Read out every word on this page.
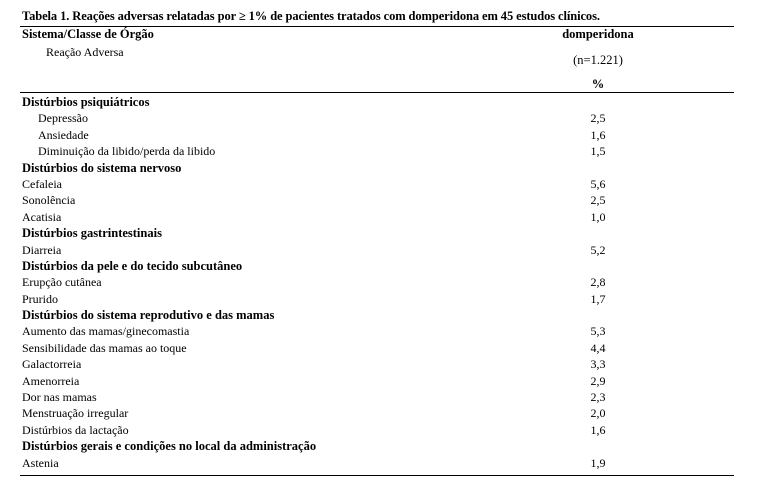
Tabela 1. Reações adversas relatadas por ≥ 1% de pacientes tratados com domperidona em 45 estudos clínicos.
Sistema/Classe de Órgão
Reação Adversa
domperidona
(n=1.221)
%
Distúrbios psiquiátricos
Depressão	2,5
Ansiedade	1,6
Diminuição da libido/perda da libido	1,5
Distúrbios do sistema nervoso
Cefaleia	5,6
Sonolência	2,5
Acatisia	1,0
Distúrbios gastrintestinais
Diarreia	5,2
Distúrbios da pele e do tecido subcutâneo
Erupção cutânea	2,8
Prurido	1,7
Distúrbios do sistema reprodutivo e das mamas
Aumento das mamas/ginecomastia	5,3
Sensibilidade das mamas ao toque	4,4
Galactorreia	3,3
Amenorreia	2,9
Dor nas mamas	2,3
Menstruação irregular	2,0
Distúrbios da lactação	1,6
Distúrbios gerais e condições no local da administração
Astenia	1,9
